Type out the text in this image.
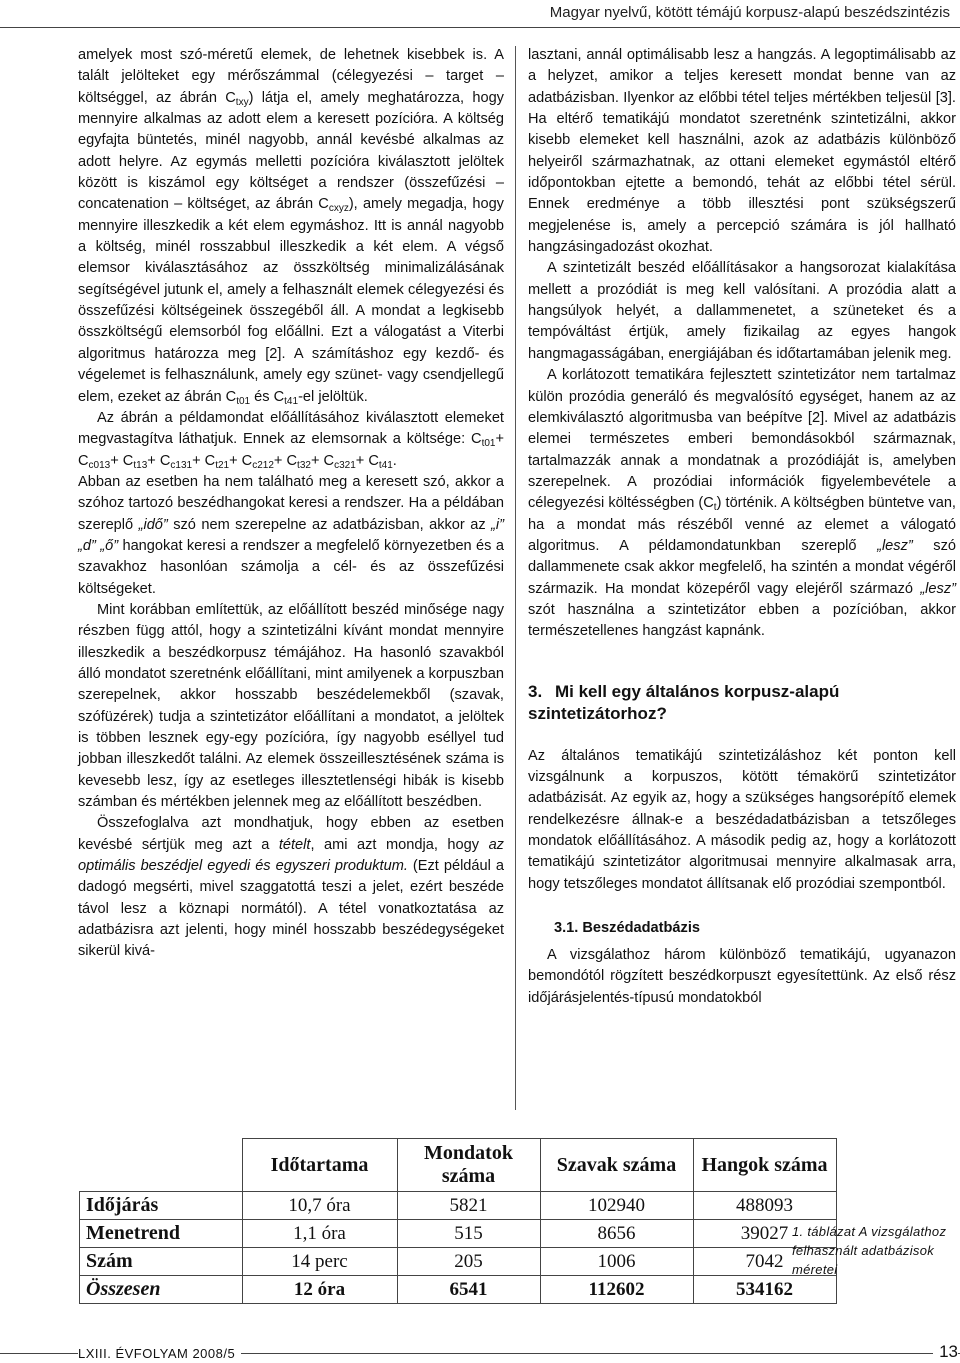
Magyar nyelvű, kötött témájú korpusz-alapú beszédszintézis

amelyek most szó-méretű elemek, de lehetnek kisebbek is. A talált jelölteket egy mérőszámmal (célegyezési – target – költséggel, az ábrán $C_{txy}$) látja el, amely meghatározza, hogy mennyire alkalmas az adott elem a keresett pozícióra. A költség egyfajta büntetés, minél nagyobb, annál kevésbé alkalmas az adott helyre. Az egymás melletti pozícióra kiválasztott jelöltek között is kiszámol egy költséget a rendszer (összefűzési – concatenation – költséget, az ábrán $C_{cxyz}$), amely megadja, hogy mennyire illeszkedik a két elem egymáshoz. Itt is annál nagyobb a költség, minél rosszabbul illeszkedik a két elem. A végső elemsor kiválasztásához az összköltség minimalizálásának segítségével jutunk el, amely a felhasznált elemek célegyezési és összefűzési költségeinek összegéből áll. A mondat a legkisebb összköltségű elemsorból fog előállni. Ezt a válogatást a Viterbi algoritmus határozza meg [2]. A számításhoz egy kezdő- és végelemet is felhasználunk, amely egy szünet- vagy csendjellegű elem, ezeket az ábrán $C_{t01}$ és $C_{t41}-el$ jelöltük.

Az ábrán a példamondat előállításához kiválasztott elemeket megvastagítva láthatjuk. Ennek az elemsornak a költsége: $C_{t01}+ C_{c013}+ C_{t13}+ C_{c131}+ C_{t21}+ C_{c212}+ C_{t32}+ C_{c321}+ C_{t41}$.

Abban az esetben ha nem található meg a keresett szó, akkor a szóhoz tartozó beszédhangokat keresi a rendszer. Ha a példában szereplő „idő” szó nem szerepelne az adatbázisban, akkor az „i” „d” „ő” hangokat keresi a rendszer a megfelelő környezetben és a szavakhoz hasonlóan számolja a cél- és az összefűzési költségeket.

Mint korábban említettük, az előállított beszéd minősége nagy részben függ attól, hogy a szintetizálni kívánt mondat mennyire illeszkedik a beszédkorpusz témájához. Ha hasonló szavakból álló mondatot szeretnénk előállítani, mint amilyenek a korpuszban szerepelnek, akkor hosszabb beszédelemekből (szavak, szófüzérek) tudja a szintetizátor előállítani a mondatot, a jelöltek is többen lesznek egy-egy pozícióra, így nagyobb eséllyel tud jobban illeszkedőt találni. Az elemek összeillesztésének száma is kevesebb lesz, így az esetleges illesztetlenségi hibák is kisebb számban és mértékben jelennek meg az előállított beszédben.

Összefoglalva azt mondhatjuk, hogy ebben az esetben kevésbé sértjük meg azt a tételt, ami azt mondja, hogy az optimális beszédjel egyedi és egyszeri produktum. (Ezt például a dadogó megsérti, mivel szaggatottá teszi a jelet, ezért beszéde távol lesz a köznapi normától). A tétel vonatkoztatása az adatbázisra azt jelenti, hogy minél hosszabb beszédegységeket sikerül kivá-

lasztani, annál optimálisabb lesz a hangzás. A legoptimálisabb az a helyzet, amikor a teljes keresett mondat benne van az adatbázisban. Ilyenkor az előbbi tétel teljes mértékben teljesül [3]. Ha eltérő tematikájú mondatot szeretnénk szintetizálni, akkor kisebb elemeket kell használni, azok az adatbázis különböző helyeiről származhatnak, az ottani elemeket egymástól eltérő időpontokban ejtette a bemondó, tehát az előbbi tétel sérül. Ennek eredménye a több illesztési pont szükségszerű megjelenése is, amely a percepció számára is jól hallható hangzásingadozást okozhat.

A szintetizált beszéd előállításakor a hangsorozat kialakítása mellett a prozódiát is meg kell valósítani. A prozódia alatt a hangsúlyok helyét, a dallammenetet, a szüneteket és a tempóváltást értjük, amely fizikailag az egyes hangok hangmagasságában, energiájában és időtartamában jelenik meg.

A korlátozott tematikára fejlesztett szintetizátor nem tartalmaz külön prozódia generáló és megvalósító egységet, hanem az az elemkiválasztó algoritmusba van beépítve [2]. Mivel az adatbázis elemei természetes emberi bemondásokból származnak, tartalmazzák annak a mondatnak a prozódiáját is, amelyben szerepelnek. A prozódiai információk figyelembevétele a célegyezési költésségben $(C_t)$ történik. A költségben büntetve van, ha a mondat más részéből venné az elemet a válogató algoritmus. A példamondatunkban szereplő „lesz” szó dallammenete csak akkor megfelelő, ha szintén a mondat végéről származik. Ha mondat közepéről vagy elejéről származó „lesz” szót használna a szintetizátor ebben a pozícióban, akkor természetellenes hangzást kapnánk.

3. Mi kell egy általános korpusz-alapú szintetizátorhoz?

Az általános tematikájú szintetizáláshoz két ponton kell vizsgálnunk a korpuszos, kötött témakörű szintetizátor adatbázisát. Az egyik az, hogy a szükséges hangsorépítő elemek rendelkezésre állnak-e a beszédadatbázisban a tetszőleges mondatok előállításához. A második pedig az, hogy a korlátozott tematikájú szintetizátor algoritmusai mennyire alkalmasak arra, hogy tetszőleges mondatot állítsanak elő prozódiai szempontból.

3.1. Beszédadatbázis

A vizsgálathoz három különböző tematikájú, ugyanazon bemondótól rögzített beszédkorpuszt egyesítettünk. Az első rész időjárásjelentés-típusú mondatokból

	Időtartama	Mondatok száma	Szavak száma	Hangok száma
Időjárás	10,7 óra	5821	102940	488093
Menetrend	1,1 óra	515	8656	39027
Szám	14 perc	205	1006	7042
Összesen	12 óra	6541	112602	534162
1. táblázat A vizsgálathoz felhasznált adatbázisok méretei
LXIII. ÉVFOLYAM 2008/5	13
